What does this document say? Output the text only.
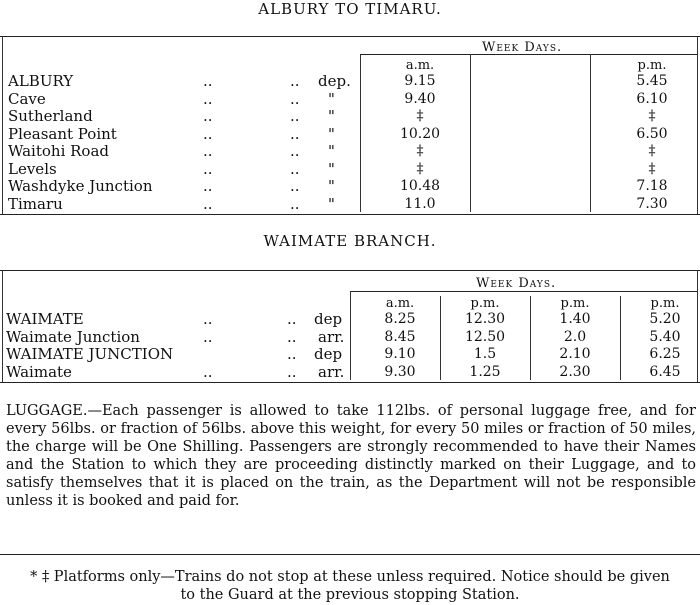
ALBURY TO TIMARU.
Week Days.
a.m.	p.m.
ALBURY	..	.. dep.	9.15	5.45
Cave	..	.. "	9.40	6.10
Sutherland	..	.. "	‡	‡
Pleasant Point	..	.. "	10.20	6.50
Waitohi Road	..	.. "	‡	‡
Levels	..	.. "	‡	‡
Washdyke Junction	..	.. "	10.48	7.18
Timaru	..	.. "	11.0	7.30
WAIMATE BRANCH.
Week Days.
a.m.	p.m.	p.m.	p.m.
WAIMATE	..	.. dep	8.25	12.30	1.40	5.20
Waimate Junction	..	.. arr.	8.45	12.50	2.0	5.40
WAIMATE JUNCTION	.. dep	9.10	1.5	2.10	6.25
Waimate	..	.. arr.	9.30	1.25	2.30	6.45
LUGGAGE.—Each passenger is allowed to take 112lbs. of personal luggage free, and for every 56lbs. or fraction of 56lbs. above this weight, for every 50 miles or fraction of 50 miles, the charge will be One Shilling. Passengers are strongly recommended to have their Names and the Station to which they are proceeding distinctly marked on their Luggage, and to satisfy themselves that it is placed on the train, as the Department will not be responsible unless it is booked and paid for.
* ‡ Platforms only—Trains do not stop at these unless required. Notice should be given
to the Guard at the previous stopping Station.
